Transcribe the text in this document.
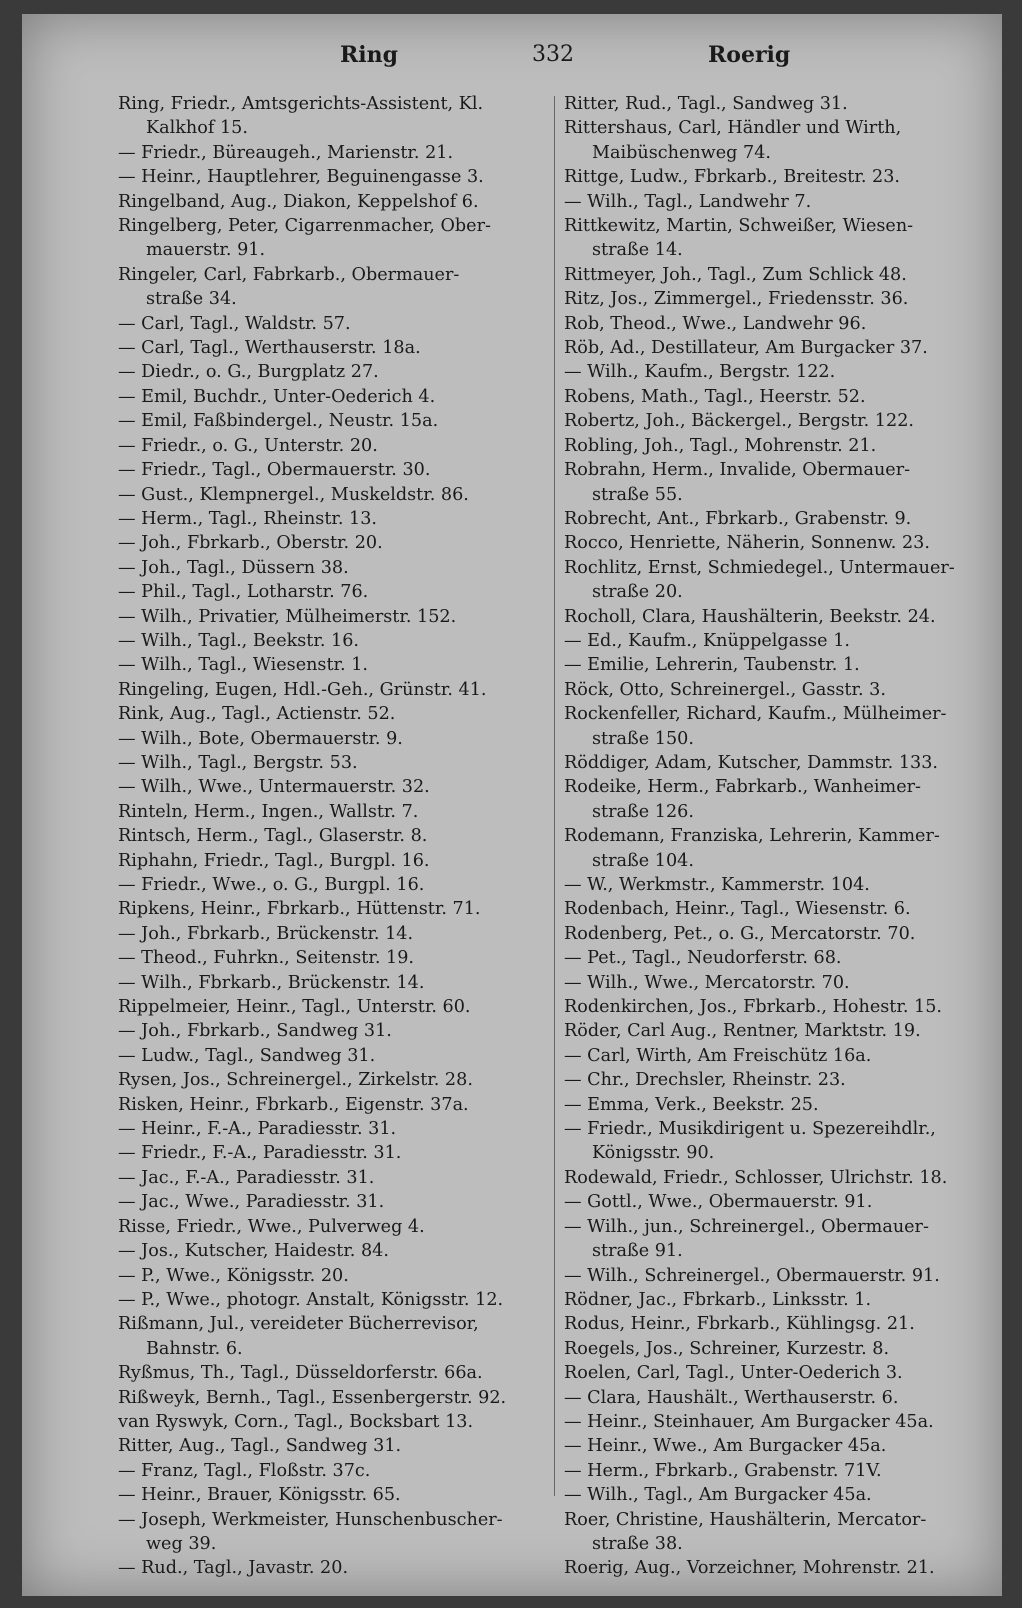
Ring	332	Roerig
Ring, Friedr., Amtsgerichts-Assistent, Kl.
Kalkhof 15.
— Friedr., Büreaugeh., Marienstr. 21.
— Heinr., Hauptlehrer, Beguinengasse 3.
Ringelband, Aug., Diakon, Keppelshof 6.
Ringelberg, Peter, Cigarrenmacher, Ober-
mauerstr. 91.
Ringeler, Carl, Fabrkarb., Obermauer-
straße 34.
— Carl, Tagl., Waldstr. 57.
— Carl, Tagl., Werthauserstr. 18a.
— Diedr., o. G., Burgplatz 27.
— Emil, Buchdr., Unter-Oederich 4.
— Emil, Faßbindergel., Neustr. 15a.
— Friedr., o. G., Unterstr. 20.
— Friedr., Tagl., Obermauerstr. 30.
— Gust., Klempnergel., Muskeldstr. 86.
— Herm., Tagl., Rheinstr. 13.
— Joh., Fbrkarb., Oberstr. 20.
— Joh., Tagl., Düssern 38.
— Phil., Tagl., Lotharstr. 76.
— Wilh., Privatier, Mülheimerstr. 152.
— Wilh., Tagl., Beekstr. 16.
— Wilh., Tagl., Wiesenstr. 1.
Ringeling, Eugen, Hdl.-Geh., Grünstr. 41.
Rink, Aug., Tagl., Actienstr. 52.
— Wilh., Bote, Obermauerstr. 9.
— Wilh., Tagl., Bergstr. 53.
— Wilh., Wwe., Untermauerstr. 32.
Rinteln, Herm., Ingen., Wallstr. 7.
Rintsch, Herm., Tagl., Glaserstr. 8.
Riphahn, Friedr., Tagl., Burgpl. 16.
— Friedr., Wwe., o. G., Burgpl. 16.
Ripkens, Heinr., Fbrkarb., Hüttenstr. 71.
— Joh., Fbrkarb., Brückenstr. 14.
— Theod., Fuhrkn., Seitenstr. 19.
— Wilh., Fbrkarb., Brückenstr. 14.
Rippelmeier, Heinr., Tagl., Unterstr. 60.
— Joh., Fbrkarb., Sandweg 31.
— Ludw., Tagl., Sandweg 31.
Rysen, Jos., Schreinergel., Zirkelstr. 28.
Risken, Heinr., Fbrkarb., Eigenstr. 37a.
— Heinr., F.-A., Paradiesstr. 31.
— Friedr., F.-A., Paradiesstr. 31.
— Jac., F.-A., Paradiesstr. 31.
— Jac., Wwe., Paradiesstr. 31.
Risse, Friedr., Wwe., Pulverweg 4.
— Jos., Kutscher, Haidestr. 84.
— P., Wwe., Königsstr. 20.
— P., Wwe., photogr. Anstalt, Königsstr. 12.
Rißmann, Jul., vereideter Bücherrevisor,
Bahnstr. 6.
Ryßmus, Th., Tagl., Düsseldorferstr. 66a.
Rißweyk, Bernh., Tagl., Essenbergerstr. 92.
van Ryswyk, Corn., Tagl., Bocksbart 13.
Ritter, Aug., Tagl., Sandweg 31.
— Franz, Tagl., Floßstr. 37c.
— Heinr., Brauer, Königsstr. 65.
— Joseph, Werkmeister, Hunschenbuscher-
weg 39.
— Rud., Tagl., Javastr. 20.
Ritter, Rud., Tagl., Sandweg 31.
Rittershaus, Carl, Händler und Wirth,
Maibüschenweg 74.
Rittge, Ludw., Fbrkarb., Breitestr. 23.
— Wilh., Tagl., Landwehr 7.
Rittkewitz, Martin, Schweißer, Wiesen-
straße 14.
Rittmeyer, Joh., Tagl., Zum Schlick 48.
Ritz, Jos., Zimmergel., Friedensstr. 36.
Rob, Theod., Wwe., Landwehr 96.
Röb, Ad., Destillateur, Am Burgacker 37.
— Wilh., Kaufm., Bergstr. 122.
Robens, Math., Tagl., Heerstr. 52.
Robertz, Joh., Bäckergel., Bergstr. 122.
Robling, Joh., Tagl., Mohrenstr. 21.
Robrahn, Herm., Invalide, Obermauer-
straße 55.
Robrecht, Ant., Fbrkarb., Grabenstr. 9.
Rocco, Henriette, Näherin, Sonnenw. 23.
Rochlitz, Ernst, Schmiedegel., Untermauer-
straße 20.
Rocholl, Clara, Haushälterin, Beekstr. 24.
— Ed., Kaufm., Knüppelgasse 1.
— Emilie, Lehrerin, Taubenstr. 1.
Röck, Otto, Schreinergel., Gasstr. 3.
Rockenfeller, Richard, Kaufm., Mülheimer-
straße 150.
Röddiger, Adam, Kutscher, Dammstr. 133.
Rodeike, Herm., Fabrkarb., Wanheimer-
straße 126.
Rodemann, Franziska, Lehrerin, Kammer-
straße 104.
— W., Werkmstr., Kammerstr. 104.
Rodenbach, Heinr., Tagl., Wiesenstr. 6.
Rodenberg, Pet., o. G., Mercatorstr. 70.
— Pet., Tagl., Neudorferstr. 68.
— Wilh., Wwe., Mercatorstr. 70.
Rodenkirchen, Jos., Fbrkarb., Hohestr. 15.
Röder, Carl Aug., Rentner, Marktstr. 19.
— Carl, Wirth, Am Freischütz 16a.
— Chr., Drechsler, Rheinstr. 23.
— Emma, Verk., Beekstr. 25.
— Friedr., Musikdirigent u. Spezereihdlr.,
Königsstr. 90.
Rodewald, Friedr., Schlosser, Ulrichstr. 18.
— Gottl., Wwe., Obermauerstr. 91.
— Wilh., jun., Schreinergel., Obermauer-
straße 91.
— Wilh., Schreinergel., Obermauerstr. 91.
Rödner, Jac., Fbrkarb., Linksstr. 1.
Rodus, Heinr., Fbrkarb., Kühlingsg. 21.
Roegels, Jos., Schreiner, Kurzestr. 8.
Roelen, Carl, Tagl., Unter-Oederich 3.
— Clara, Haushält., Werthauserstr. 6.
— Heinr., Steinhauer, Am Burgacker 45a.
— Heinr., Wwe., Am Burgacker 45a.
— Herm., Fbrkarb., Grabenstr. 71V.
— Wilh., Tagl., Am Burgacker 45a.
Roer, Christine, Haushälterin, Mercator-
straße 38.
Roerig, Aug., Vorzeichner, Mohrenstr. 21.
